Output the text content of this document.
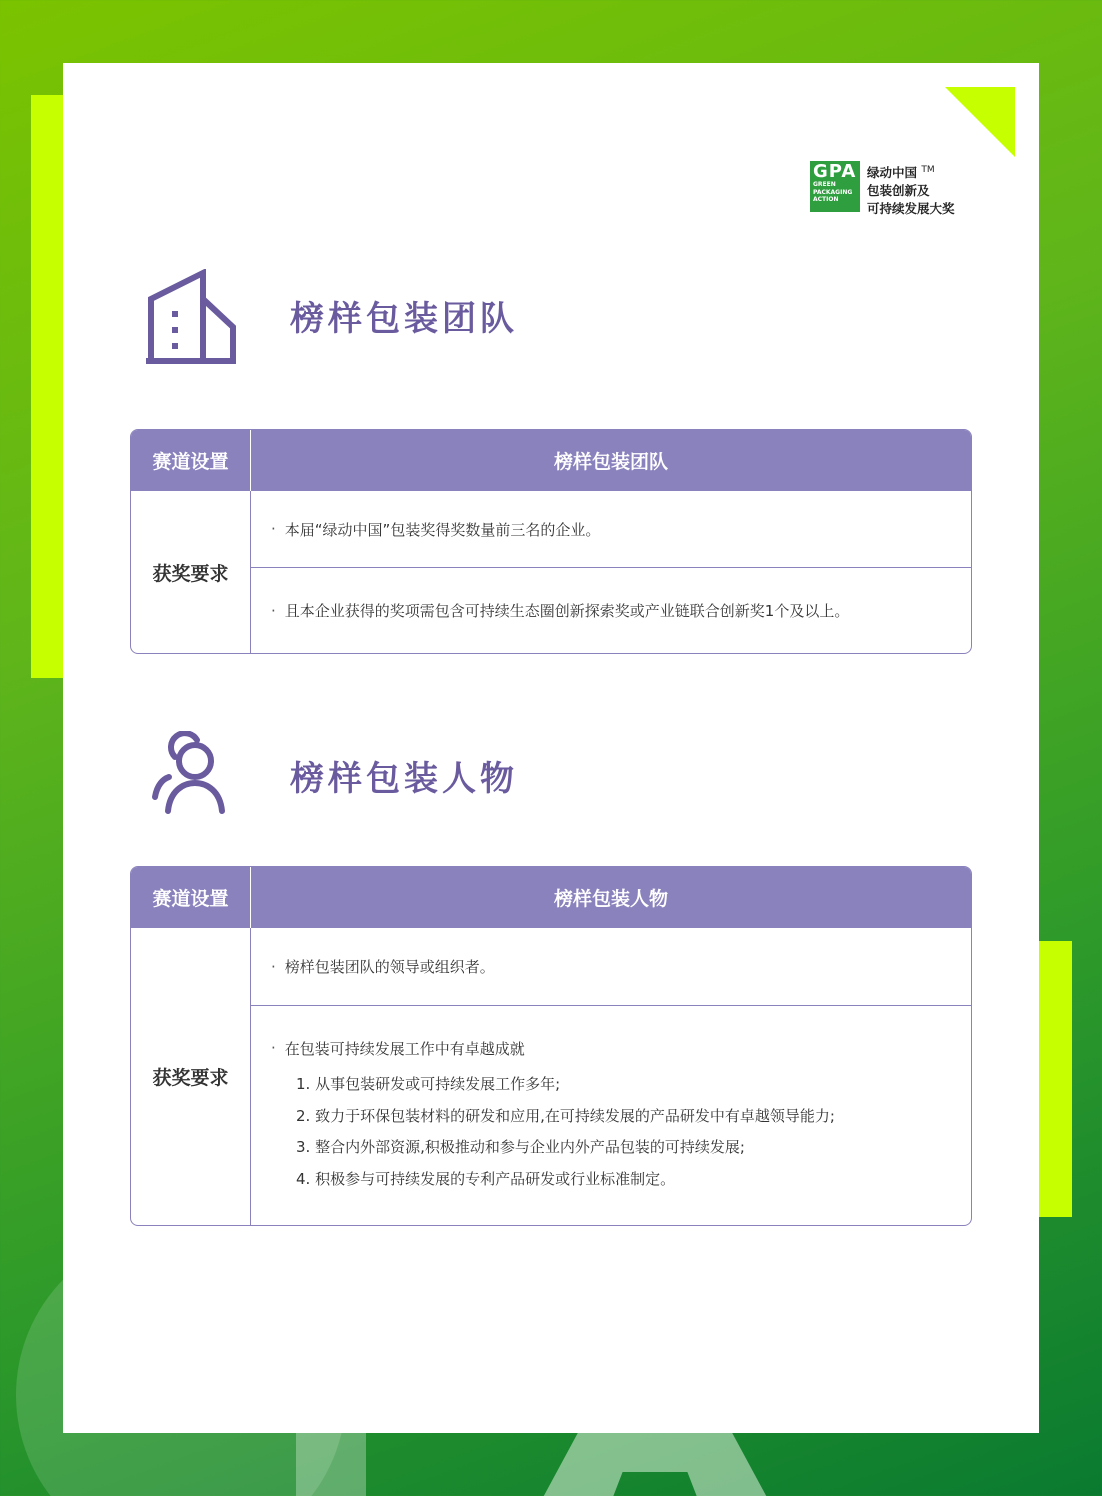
GPA
GREEN
PACKAGING
ACTION
绿动中国 ™
包装创新及
可持续发展大奖
榜样包装团队
赛道设置	榜样包装团队
获奖要求
· 本届“绿动中国”包装奖得奖数量前三名的企业。
· 且本企业获得的奖项需包含可持续生态圈创新探索奖或产业链联合创新奖1个及以上。
榜样包装人物
赛道设置	榜样包装人物
获奖要求
· 榜样包装团队的领导或组织者。
· 在包装可持续发展工作中有卓越成就
1. 从事包装研发或可持续发展工作多年;
2. 致力于环保包装材料的研发和应用,在可持续发展的产品研发中有卓越领导能力;
3. 整合内外部资源,积极推动和参与企业内外产品包装的可持续发展;
4. 积极参与可持续发展的专利产品研发或行业标准制定。
